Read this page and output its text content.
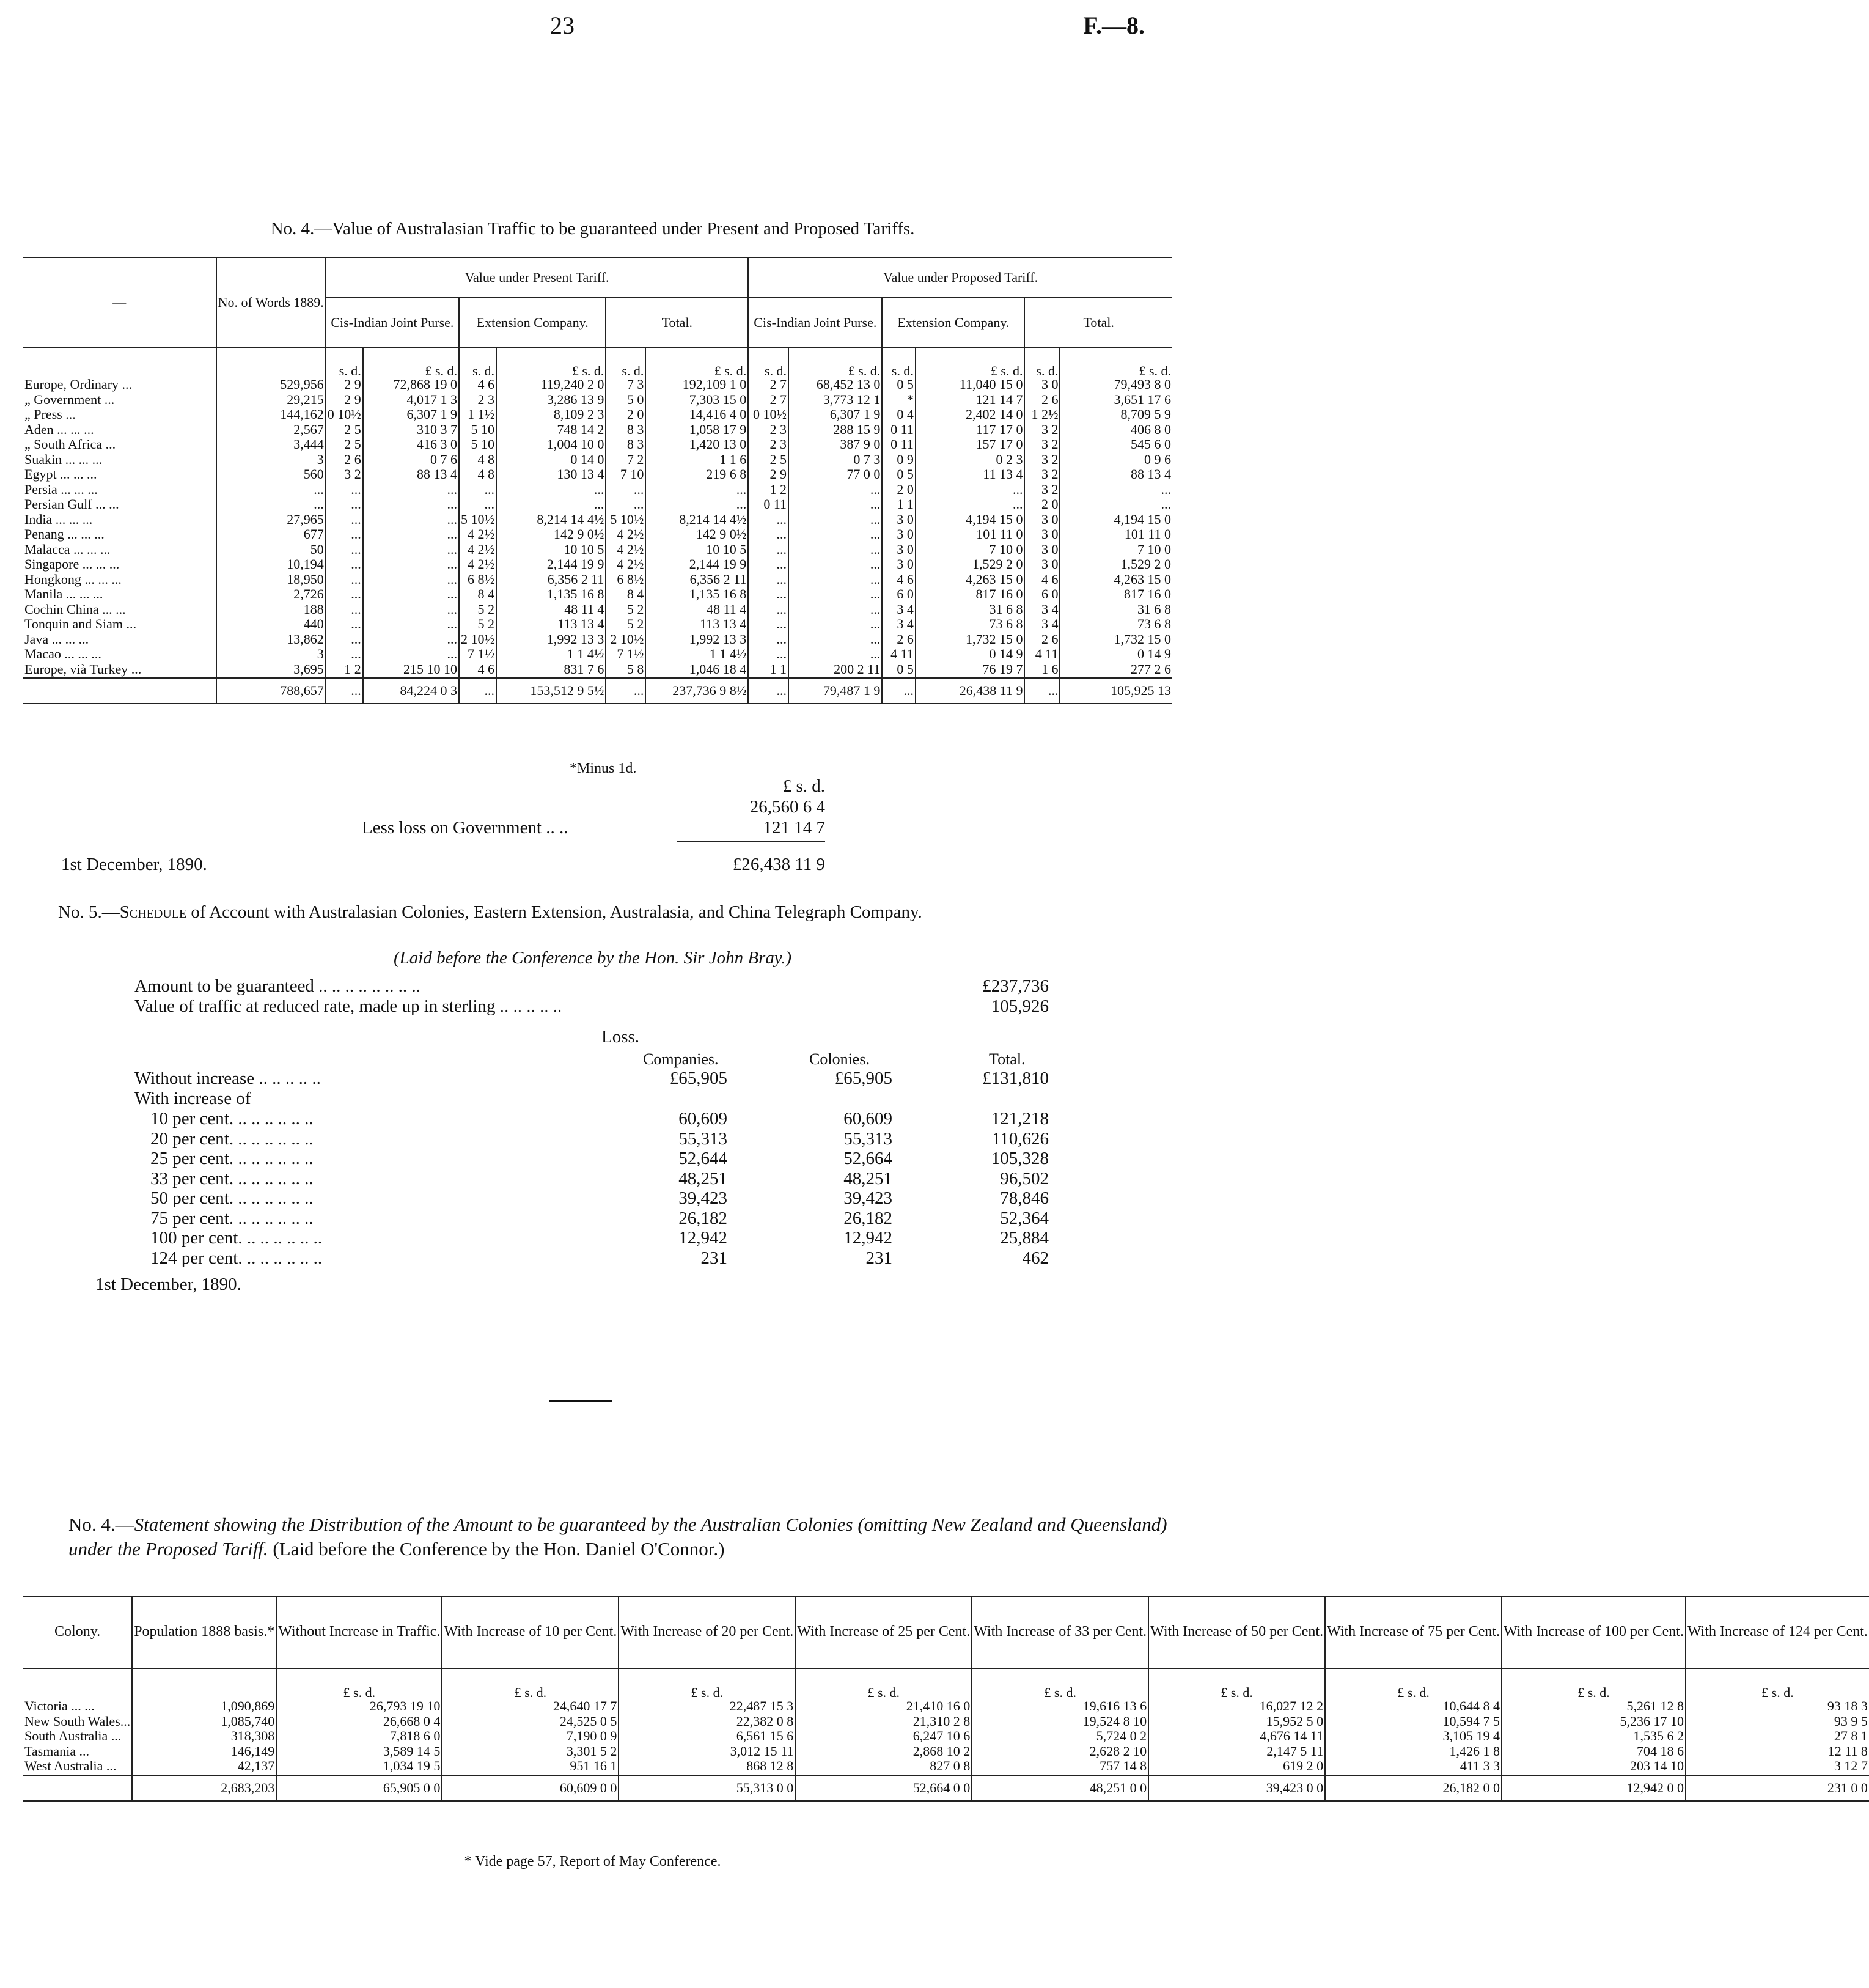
23	F.—8.
No. 4.—Value of Australasian Traffic to be guaranteed under Present and Proposed Tariffs.
—	No. of Words 1889.	Value under Present Tariff.						Value under Proposed Tariff.					
		Cis-Indian Joint Purse.		Extension Company.		Total.		Cis-Indian Joint Purse.		Extension Company.		Total.	
		s. d.	£ s. d.	s. d.	£ s. d.	s. d.	£ s. d.	s. d.	£ s. d.	s. d.	£ s. d.	s. d.	£ s. d.
Europe, Ordinary ...	529,956	2 9	72,868 19 0	4 6	119,240 2 0	7 3	192,109 1 0	2 7	68,452 13 0	0 5	11,040 15 0	3 0	79,493 8 0
„ Government ...	29,215	2 9	4,017 1 3	2 3	3,286 13 9	5 0	7,303 15 0	2 7	3,773 12 1	*	121 14 7	2 6	3,651 17 6
„ Press ...	144,162	0 10½	6,307 1 9	1 1½	8,109 2 3	2 0	14,416 4 0	0 10½	6,307 1 9	0 4	2,402 14 0	1 2½	8,709 5 9
Aden ... ... ...	2,567	2 5	310 3 7	5 10	748 14 2	8 3	1,058 17 9	2 3	288 15 9	0 11	117 17 0	3 2	406 8 0
„ South Africa ...	3,444	2 5	416 3 0	5 10	1,004 10 0	8 3	1,420 13 0	2 3	387 9 0	0 11	157 17 0	3 2	545 6 0
Suakin ... ... ...	3	2 6	0 7 6	4 8	0 14 0	7 2	1 1 6	2 5	0 7 3	0 9	0 2 3	3 2	0 9 6
Egypt ... ... ...	560	3 2	88 13 4	4 8	130 13 4	7 10	219 6 8	2 9	77 0 0	0 5	11 13 4	3 2	88 13 4
Persia ... ... ...	...	...	...	...	...	...	...	1 2	...	2 0	...	3 2	...
Persian Gulf ... ...	...	...	...	...	...	...	...	0 11	...	1 1	...	2 0	...
India ... ... ...	27,965	...	...	5 10½	8,214 14 4½	5 10½	8,214 14 4½	...	...	3 0	4,194 15 0	3 0	4,194 15 0
Penang ... ... ...	677	...	...	4 2½	142 9 0½	4 2½	142 9 0½	...	...	3 0	101 11 0	3 0	101 11 0
Malacca ... ... ...	50	...	...	4 2½	10 10 5	4 2½	10 10 5	...	...	3 0	7 10 0	3 0	7 10 0
Singapore ... ... ...	10,194	...	...	4 2½	2,144 19 9	4 2½	2,144 19 9	...	...	3 0	1,529 2 0	3 0	1,529 2 0
Hongkong ... ... ...	18,950	...	...	6 8½	6,356 2 11	6 8½	6,356 2 11	...	...	4 6	4,263 15 0	4 6	4,263 15 0
Manila ... ... ...	2,726	...	...	8 4	1,135 16 8	8 4	1,135 16 8	...	...	6 0	817 16 0	6 0	817 16 0
Cochin China ... ...	188	...	...	5 2	48 11 4	5 2	48 11 4	...	...	3 4	31 6 8	3 4	31 6 8
Tonquin and Siam ...	440	...	...	5 2	113 13 4	5 2	113 13 4	...	...	3 4	73 6 8	3 4	73 6 8
Java ... ... ...	13,862	...	...	2 10½	1,992 13 3	2 10½	1,992 13 3	...	...	2 6	1,732 15 0	2 6	1,732 15 0
Macao ... ... ...	3	...	...	7 1½	1 1 4½	7 1½	1 1 4½	...	...	4 11	0 14 9	4 11	0 14 9
Europe, vià Turkey ...	3,695	1 2	215 10 10	4 6	831 7 6	5 8	1,046 18 4	1 1	200 2 11	0 5	76 19 7	1 6	277 2 6
	788,657	...	84,224 0 3	...	153,512 9 5½	...	237,736 9 8½	...	79,487 1 9	...	26,438 11 9	...	105,925 13
*Minus 1d.
£ s. d.
26,560 6 4
Less loss on Government .. ..	121 14 7
1st December, 1890.	£26,438 11 9
No. 5.—Schedule of Account with Australasian Colonies, Eastern Extension, Australasia, and China Telegraph Company.
(Laid before the Conference by the Hon. Sir John Bray.)
Amount to be guaranteed .. .. .. .. .. .. .. ..	£237,736
Value of traffic at reduced rate, made up in sterling .. .. .. .. ..	105,926
Loss.
Companies.	Colonies.	Total.
Without increase .. .. .. .. ..	£65,905	£65,905	£131,810
With increase of
10 per cent. .. .. .. .. .. ..	60,609	60,609	121,218
20 per cent. .. .. .. .. .. ..	55,313	55,313	110,626
25 per cent. .. .. .. .. .. ..	52,644	52,664	105,328
33 per cent. .. .. .. .. .. ..	48,251	48,251	96,502
50 per cent. .. .. .. .. .. ..	39,423	39,423	78,846
75 per cent. .. .. .. .. .. ..	26,182	26,182	52,364
100 per cent. .. .. .. .. .. ..	12,942	12,942	25,884
124 per cent. .. .. .. .. .. ..	231	231	462
1st December, 1890.
No. 4.—Statement showing the Distribution of the Amount to be guaranteed by the Australian Colonies (omitting New Zealand and Queensland) under the Proposed Tariff. (Laid before the Conference by the Hon. Daniel O'Connor.)
Colony.	Population 1888 basis.*	Without Increase in Traffic.	With Increase of 10 per Cent.	With Increase of 20 per Cent.	With Increase of 25 per Cent.	With Increase of 33 per Cent.	With Increase of 50 per Cent.	With Increase of 75 per Cent.	With Increase of 100 per Cent.	With Increase of 124 per Cent.
		£ s. d.	£ s. d.	£ s. d.	£ s. d.	£ s. d.	£ s. d.	£ s. d.	£ s. d.	£ s. d.
Victoria ... ...	1,090,869	26,793 19 10	24,640 17 7	22,487 15 3	21,410 16 0	19,616 13 6	16,027 12 2	10,644 8 4	5,261 12 8	93 18 3
New South Wales...	1,085,740	26,668 0 4	24,525 0 5	22,382 0 8	21,310 2 8	19,524 8 10	15,952 5 0	10,594 7 5	5,236 17 10	93 9 5
South Australia ...	318,308	7,818 6 0	7,190 0 9	6,561 15 6	6,247 10 6	5,724 0 2	4,676 14 11	3,105 19 4	1,535 6 2	27 8 1
Tasmania ...	146,149	3,589 14 5	3,301 5 2	3,012 15 11	2,868 10 2	2,628 2 10	2,147 5 11	1,426 1 8	704 18 6	12 11 8
West Australia ...	42,137	1,034 19 5	951 16 1	868 12 8	827 0 8	757 14 8	619 2 0	411 3 3	203 14 10	3 12 7
	2,683,203	65,905 0 0	60,609 0 0	55,313 0 0	52,664 0 0	48,251 0 0	39,423 0 0	26,182 0 0	12,942 0 0	231 0 0
* Vide page 57, Report of May Conference.
